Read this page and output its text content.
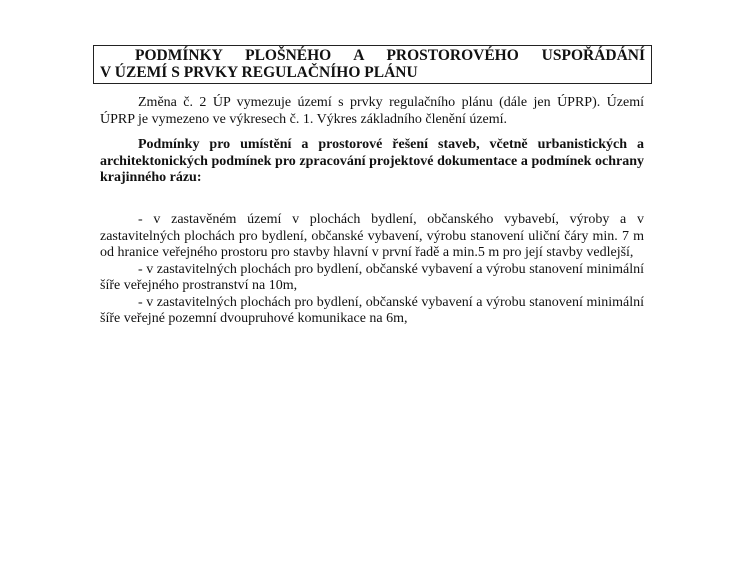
PODMÍNKY PLOŠNÉHO A PROSTOROVÉHO USPOŘÁDÁNÍ
V ÚZEMÍ S PRVKY REGULAČNÍHO PLÁNU

Změna č. 2 ÚP vymezuje území s prvky regulačního plánu (dále jen ÚPRP). Území ÚPRP je vymezeno ve výkresech č. 1. Výkres základního členění území.

Podmínky pro umístění a prostorové řešení staveb, včetně urbanistických a architektonických podmínek pro zpracování projektové dokumentace a podmínek ochrany krajinného rázu:

- v zastavěném území v plochách bydlení, občanského vybavebí, výroby a v zastavitelných plochách pro bydlení, občanské vybavení, výrobu stanovení uliční čáry min. 7 m od hranice veřejného prostoru pro stavby hlavní v první řadě a min.5 m pro její stavby vedlejší,

- v zastavitelných plochách pro bydlení, občanské vybavení a výrobu stanovení minimální šíře veřejného prostranství na 10m,

- v zastavitelných plochách pro bydlení, občanské vybavení a výrobu stanovení minimální šíře veřejné pozemní dvoupruhové komunikace na 6m,
